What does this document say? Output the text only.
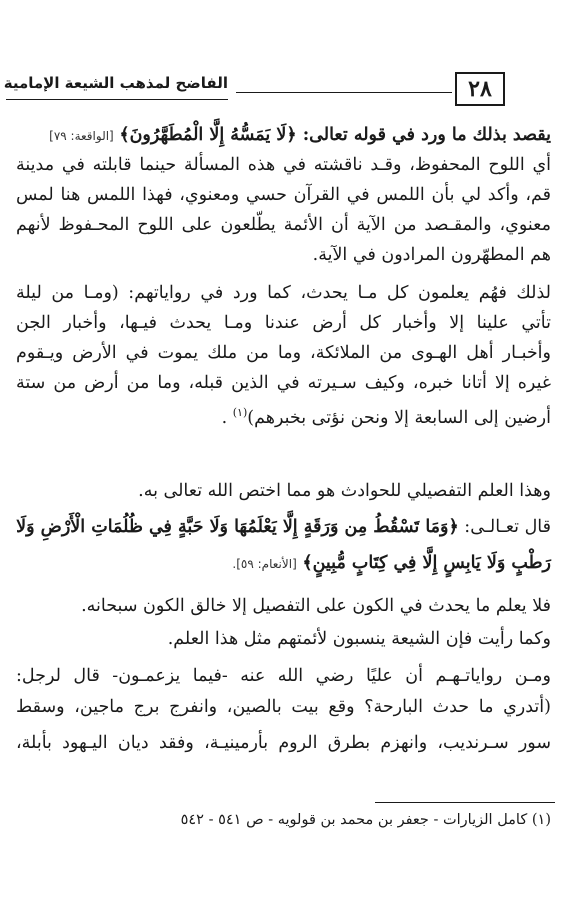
٢٨
الفاضح لمذهب الشيعة الإمامية
يقصد بذلك ما ورد في قوله تعالى: ﴿لَا يَمَسُّهُ إِلَّا الْمُطَهَّرُونَ﴾ [الواقعة: ٧٩]
أي اللوح المحفوظ، وقـد ناقشته في هذه المسألة حينما قابلته في مدينة
قم، وأكد لي بأن اللمس في القرآن حسي ومعنوي، فهذا اللمس هنا لمس
معنوي، والمقـصد من الآية أن الأئمة يطّلعون على اللوح المحـفوظ لأنهم
هم المطهّرون المرادون في الآية.
لذلك فهُم يعلمون كل مـا يحدث، كما ورد في رواياتهم: (ومـا من ليلة
تأتي علينا إلا وأخبار كل أرض عندنا ومـا يحدث فيـها، وأخبار الجن
وأخبـار أهل الهـوى من الملائكة، وما من ملك يموت في الأرض ويـقوم
غيره إلا أتانا خبره، وكيف سـيرته في الذين قبله، وما من أرض من ستة
أرضين إلى السابعة إلا ونحن نؤتى بخبرهم)$^{(١)}$ .
وهذا العلم التفصيلي للحوادث هو مما اختص الله تعالى به.
قال تعـالـى: ﴿وَمَا تَسْقُطُ مِن وَرَقَةٍ إِلَّا يَعْلَمُهَا وَلَا حَبَّةٍ فِي ظُلُمَاتِ الْأَرْضِ وَلَا
رَطْبٍ وَلَا يَابِسٍ إِلَّا فِي كِتَابٍ مُّبِينٍ﴾ [الأنعام: ٥٩].
فلا يعلم ما يحدث في الكون على التفصيل إلا خالق الكون سبحانه.
وكما رأيت فإن الشيعة ينسبون لأئمتهم مثل هذا العلم.
ومـن رواياتـهـم أن عليًا رضي الله عنه -فيما يزعمـون- قال لرجل:
(أتدري ما حدث البارحة؟ وقع بيت بالصين، وانفرج برج ماجين، وسقط
سور سـرنديب، وانهزم بطرق الروم بأرمينيـة، وفقد ديان اليـهود بأبلة،
(١) كامل الزيارات - جعفر بن محمد بن قولويه - ص ٥٤١ - ٥٤٢
